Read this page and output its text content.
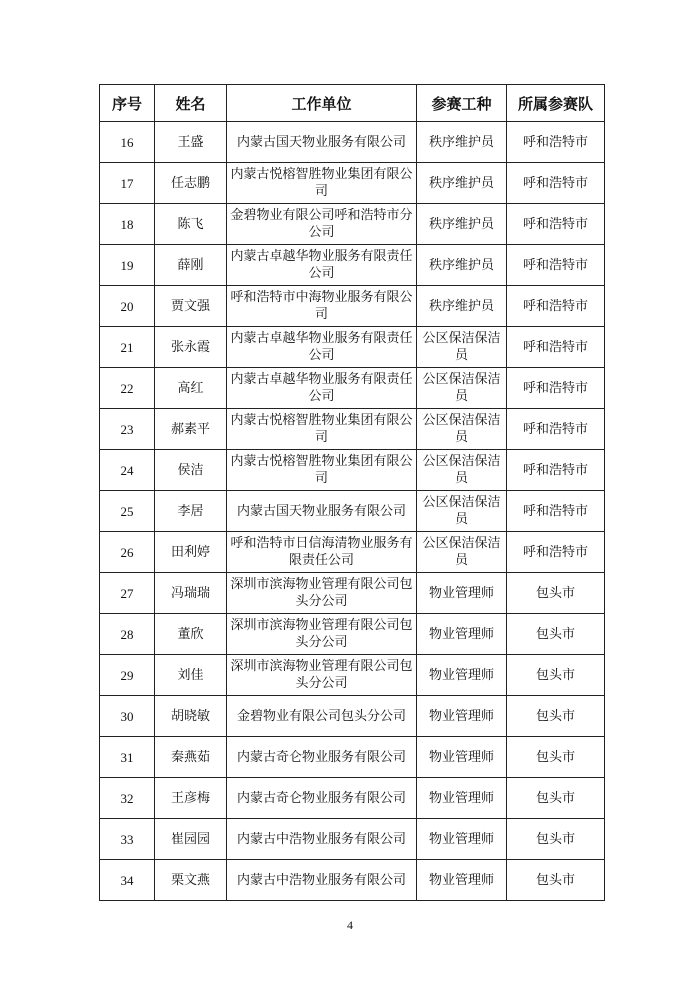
序号	姓名	工作单位	参赛工种	所属参赛队
16	王盛	内蒙古国天物业服务有限公司	秩序维护员	呼和浩特市
17	任志鹏	内蒙古悦榕智胜物业集团有限公司	秩序维护员	呼和浩特市
18	陈飞	金碧物业有限公司呼和浩特市分公司	秩序维护员	呼和浩特市
19	薛刚	内蒙古卓越华物业服务有限责任公司	秩序维护员	呼和浩特市
20	贾文强	呼和浩特市中海物业服务有限公司	秩序维护员	呼和浩特市
21	张永霞	内蒙古卓越华物业服务有限责任公司	公区保洁保洁员	呼和浩特市
22	高红	内蒙古卓越华物业服务有限责任公司	公区保洁保洁员	呼和浩特市
23	郝素平	内蒙古悦榕智胜物业集团有限公司	公区保洁保洁员	呼和浩特市
24	侯洁	内蒙古悦榕智胜物业集团有限公司	公区保洁保洁员	呼和浩特市
25	李居	内蒙古国天物业服务有限公司	公区保洁保洁员	呼和浩特市
26	田利婷	呼和浩特市日信海清物业服务有限责任公司	公区保洁保洁员	呼和浩特市
27	冯瑞瑞	深圳市滨海物业管理有限公司包头分公司	物业管理师	包头市
28	董欣	深圳市滨海物业管理有限公司包头分公司	物业管理师	包头市
29	刘佳	深圳市滨海物业管理有限公司包头分公司	物业管理师	包头市
30	胡晓敏	金碧物业有限公司包头分公司	物业管理师	包头市
31	秦燕茹	内蒙古奇仑物业服务有限公司	物业管理师	包头市
32	王彦梅	内蒙古奇仑物业服务有限公司	物业管理师	包头市
33	崔园园	内蒙古中浩物业服务有限公司	物业管理师	包头市
34	栗文燕	内蒙古中浩物业服务有限公司	物业管理师	包头市
4
